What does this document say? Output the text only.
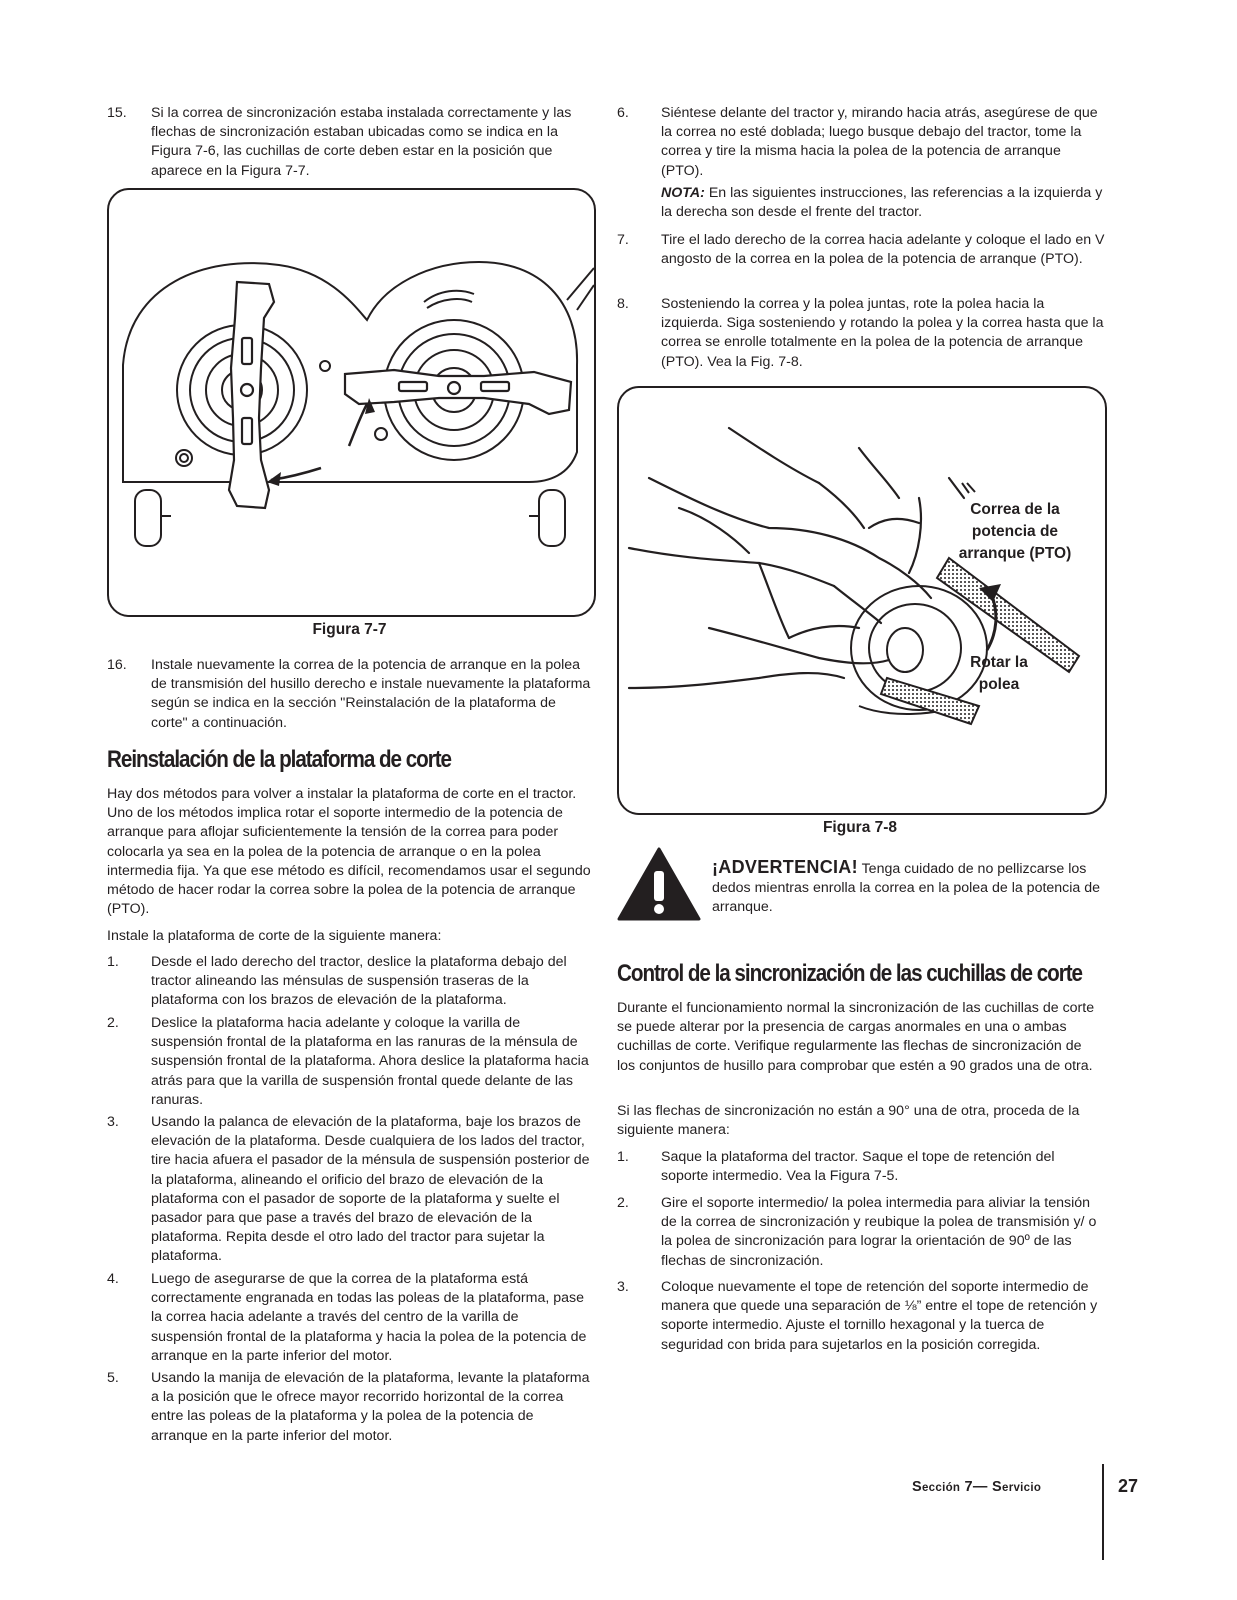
15. Si la correa de sincronización estaba instalada correctamente y las flechas de sincronización estaban ubicadas como se indica en la Figura 7-6, las cuchillas de corte deben estar en la posición que aparece en la Figura 7-7.
Figura 7-7
16. Instale nuevamente la correa de la potencia de arranque en la polea de transmisión del husillo derecho e instale nuevamente la plataforma según se indica en la sección "Reinstalación de la plataforma de corte" a continuación.
Reinstalación de la plataforma de corte
Hay dos métodos para volver a instalar la plataforma de corte en el tractor. Uno de los métodos implica rotar el soporte intermedio de la potencia de arranque para aflojar suficientemente la tensión de la correa para poder colocarla ya sea en la polea de la potencia de arranque o en la polea intermedia fija. Ya que ese método es difícil, recomendamos usar el segundo método de hacer rodar la correa sobre la polea de la potencia de arranque (PTO).
Instale la plataforma de corte de la siguiente manera:
1. Desde el lado derecho del tractor, deslice la plataforma debajo del tractor alineando las ménsulas de suspensión traseras de la plataforma con los brazos de elevación de la plataforma.
2. Deslice la plataforma hacia adelante y coloque la varilla de suspensión frontal de la plataforma en las ranuras de la ménsula de suspensión frontal de la plataforma. Ahora deslice la plataforma hacia atrás para que la varilla de suspensión frontal quede delante de las ranuras.
3. Usando la palanca de elevación de la plataforma, baje los brazos de elevación de la plataforma. Desde cualquiera de los lados del tractor, tire hacia afuera el pasador de la ménsula de suspensión posterior de la plataforma, alineando el orificio del brazo de elevación de la plataforma con el pasador de soporte de la plataforma y suelte el pasador para que pase a través del brazo de elevación de la plataforma. Repita desde el otro lado del tractor para sujetar la plataforma.
4. Luego de asegurarse de que la correa de la plataforma está correctamente engranada en todas las poleas de la plataforma, pase la correa hacia adelante a través del centro de la varilla de suspensión frontal de la plataforma y hacia la polea de la potencia de arranque en la parte inferior del motor.
5. Usando la manija de elevación de la plataforma, levante la plataforma a la posición que le ofrece mayor recorrido horizontal de la correa entre las poleas de la plataforma y la polea de la potencia de arranque en la parte inferior del motor.
6. Siéntese delante del tractor y, mirando hacia atrás, asegúrese de que la correa no esté doblada; luego busque debajo del tractor, tome la correa y tire la misma hacia la polea de la potencia de arranque (PTO).
NOTA: En las siguientes instrucciones, las referencias a la izquierda y la derecha son desde el frente del tractor.
7. Tire el lado derecho de la correa hacia adelante y coloque el lado en V angosto de la correa en la polea de la potencia de arranque (PTO).
8. Sosteniendo la correa y la polea juntas, rote la polea hacia la izquierda. Siga sosteniendo y rotando la polea y la correa hasta que la correa se enrolle totalmente en la polea de la potencia de arranque (PTO). Vea la Fig. 7-8.
Correa de la potencia de arranque (PTO)
Rotar la polea
Figura 7-8
¡ADVERTENCIA! Tenga cuidado de no pellizcarse los dedos mientras enrolla la correa en la polea de la potencia de arranque.
Control de la sincronización de las cuchillas de corte
Durante el funcionamiento normal la sincronización de las cuchillas de corte se puede alterar por la presencia de cargas anormales en una o ambas cuchillas de corte. Verifique regularmente las flechas de sincronización de los conjuntos de husillo para comprobar que estén a 90 grados una de otra.
Si las flechas de sincronización no están a 90° una de otra, proceda de la siguiente manera:
1. Saque la plataforma del tractor. Saque el tope de retención del soporte intermedio. Vea la Figura 7-5.
2. Gire el soporte intermedio/ la polea intermedia para aliviar la tensión de la correa de sincronización y reubique la polea de transmisión y/ o la polea de sincronización para lograr la orientación de 90º de las flechas de sincronización.
3. Coloque nuevamente el tope de retención del soporte intermedio de manera que quede una separación de ⅛” entre el tope de retención y soporte intermedio. Ajuste el tornillo hexagonal y la tuerca de seguridad con brida para sujetarlos en la posición corregida.
Sección 7— Servicio	27
